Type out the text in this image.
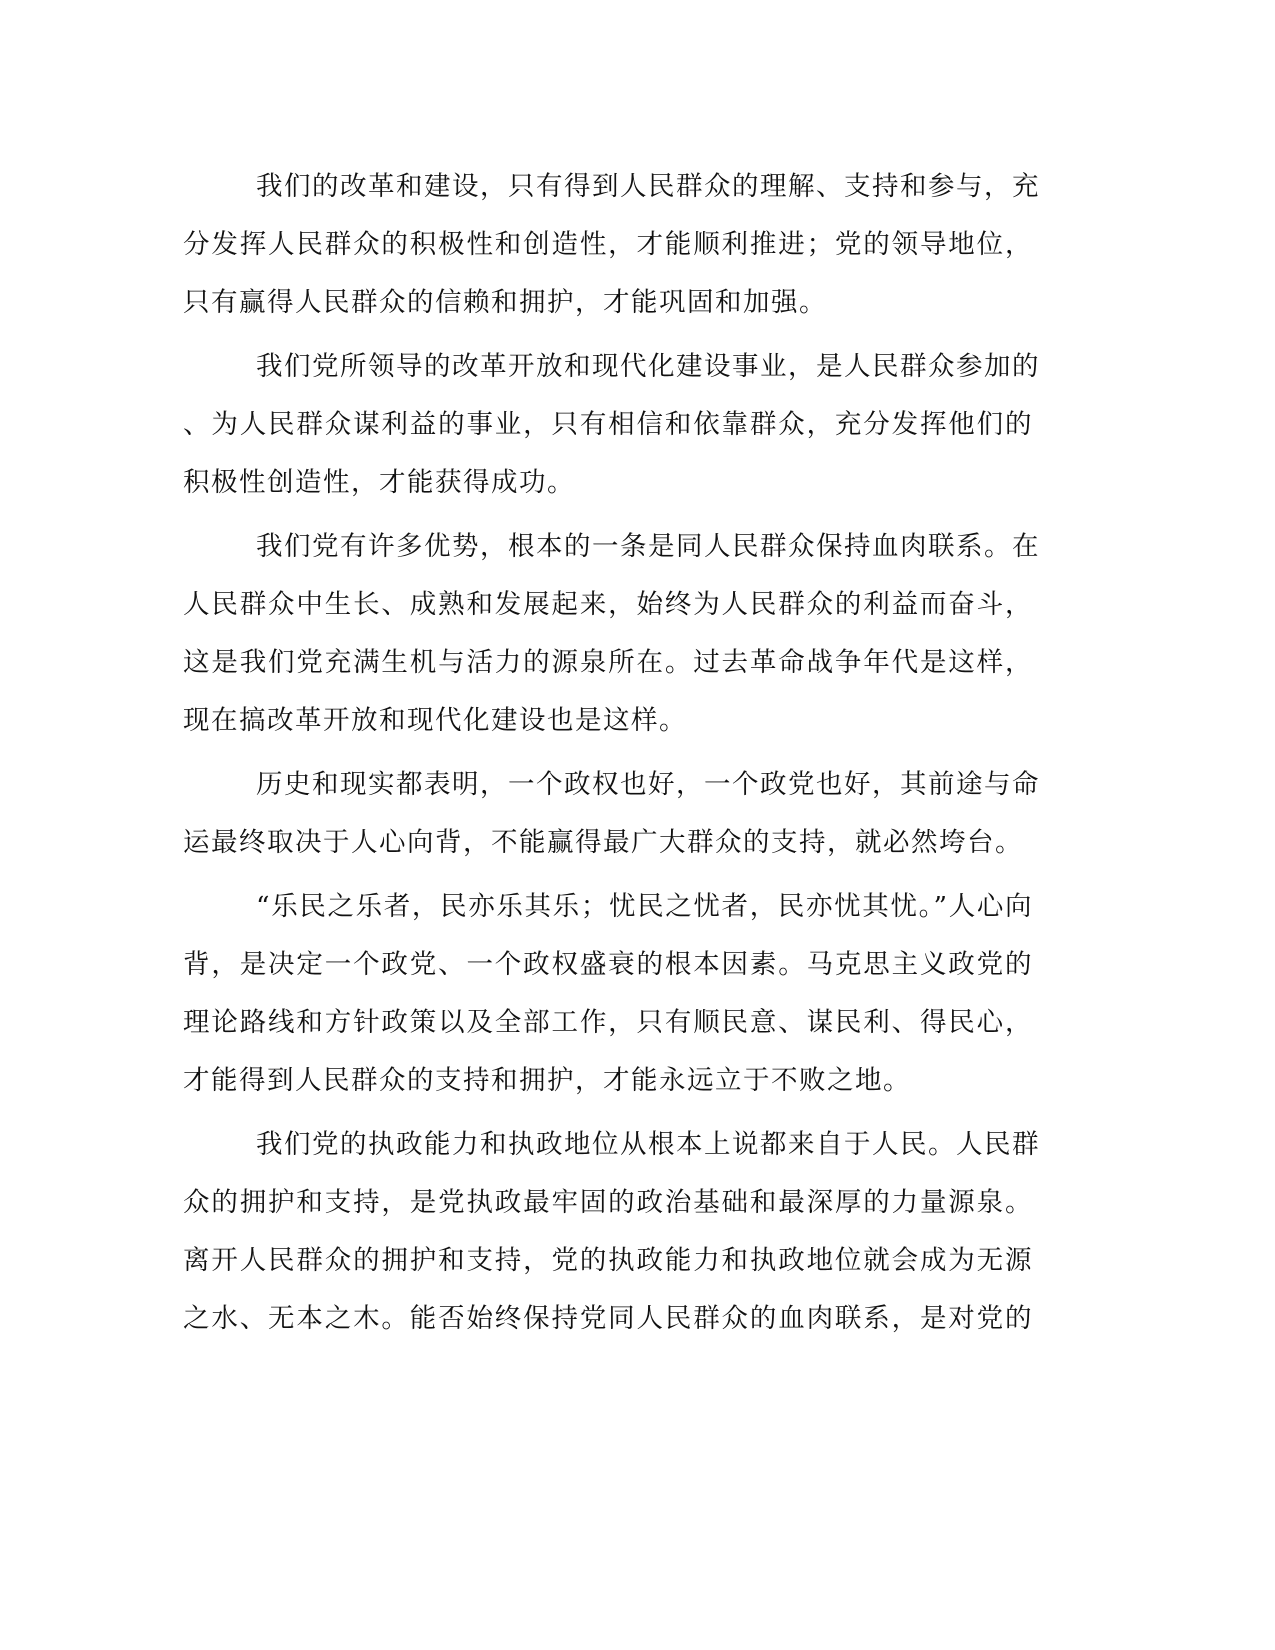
我们的改革和建设，只有得到人民群众的理解、支持和参与，充
分发挥人民群众的积极性和创造性，才能顺利推进；党的领导地位，
只有赢得人民群众的信赖和拥护，才能巩固和加强。
我们党所领导的改革开放和现代化建设事业，是人民群众参加的
、为人民群众谋利益的事业，只有相信和依靠群众，充分发挥他们的
积极性创造性，才能获得成功。
我们党有许多优势，根本的一条是同人民群众保持血肉联系。在
人民群众中生长、成熟和发展起来，始终为人民群众的利益而奋斗，
这是我们党充满生机与活力的源泉所在。过去革命战争年代是这样，
现在搞改革开放和现代化建设也是这样。
历史和现实都表明，一个政权也好，一个政党也好，其前途与命
运最终取决于人心向背，不能赢得最广大群众的支持，就必然垮台。
“乐民之乐者，民亦乐其乐；忧民之忧者，民亦忧其忧。”人心向
背，是决定一个政党、一个政权盛衰的根本因素。马克思主义政党的
理论路线和方针政策以及全部工作，只有顺民意、谋民利、得民心，
才能得到人民群众的支持和拥护，才能永远立于不败之地。
我们党的执政能力和执政地位从根本上说都来自于人民。人民群
众的拥护和支持，是党执政最牢固的政治基础和最深厚的力量源泉。
离开人民群众的拥护和支持，党的执政能力和执政地位就会成为无源
之水、无本之木。能否始终保持党同人民群众的血肉联系，是对党的
